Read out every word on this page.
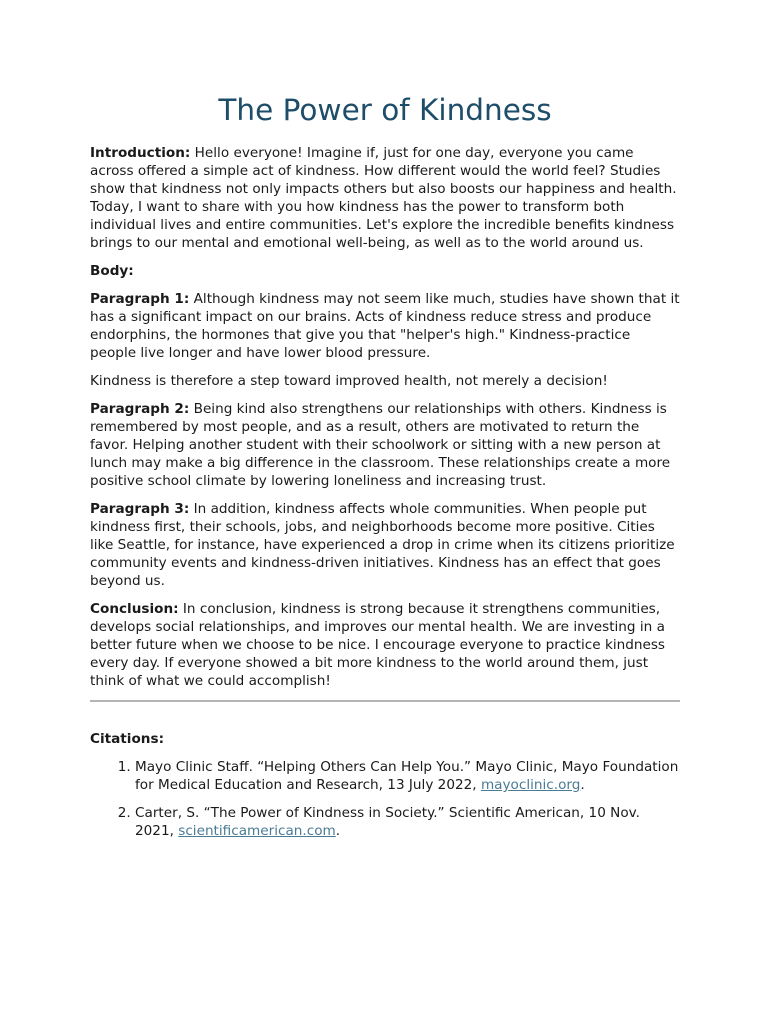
The Power of Kindness

Introduction: Hello everyone! Imagine if, just for one day, everyone you came across offered a simple act of kindness. How different would the world feel? Studies show that kindness not only impacts others but also boosts our happiness and health. Today, I want to share with you how kindness has the power to transform both individual lives and entire communities. Let's explore the incredible benefits kindness brings to our mental and emotional well-being, as well as to the world around us.

Body:

Paragraph 1: Although kindness may not seem like much, studies have shown that it has a significant impact on our brains. Acts of kindness reduce stress and produce endorphins, the hormones that give you that "helper's high." Kindness-practice people live longer and have lower blood pressure.

Kindness is therefore a step toward improved health, not merely a decision!

Paragraph 2: Being kind also strengthens our relationships with others. Kindness is remembered by most people, and as a result, others are motivated to return the favor. Helping another student with their schoolwork or sitting with a new person at lunch may make a big difference in the classroom. These relationships create a more positive school climate by lowering loneliness and increasing trust.

Paragraph 3: In addition, kindness affects whole communities. When people put kindness first, their schools, jobs, and neighborhoods become more positive. Cities like Seattle, for instance, have experienced a drop in crime when its citizens prioritize community events and kindness-driven initiatives. Kindness has an effect that goes beyond us.

Conclusion: In conclusion, kindness is strong because it strengthens communities, develops social relationships, and improves our mental health. We are investing in a better future when we choose to be nice. I encourage everyone to practice kindness every day. If everyone showed a bit more kindness to the world around them, just think of what we could accomplish!

Citations:

1. Mayo Clinic Staff. “Helping Others Can Help You.” Mayo Clinic, Mayo Foundation for Medical Education and Research, 13 July 2022, mayoclinic.org.
2. Carter, S. “The Power of Kindness in Society.” Scientific American, 10 Nov. 2021, scientificamerican.com.
